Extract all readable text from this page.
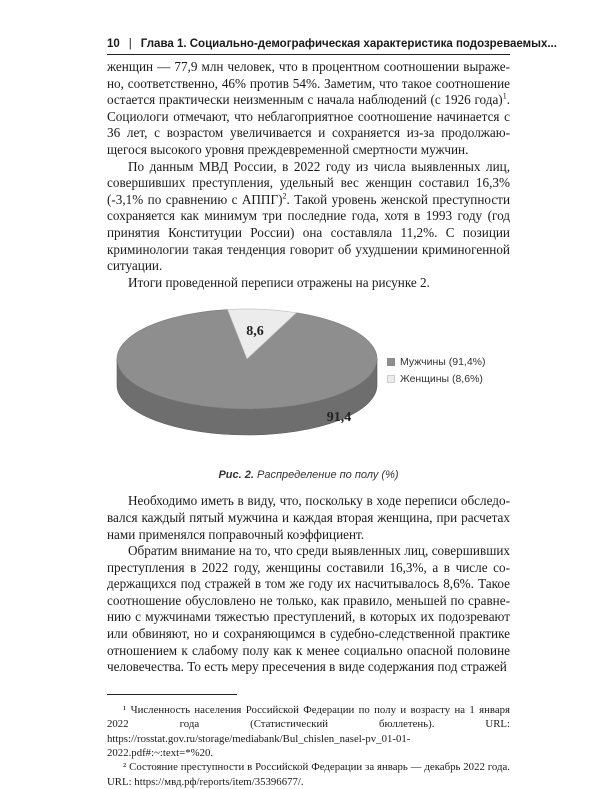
10 | Глава 1. Социально-демографическая характеристика подозреваемых...

женщин — 77,9 млн человек, что в процентном соотношении выражено, соответственно, 46% против 54%. Заметим, что такое соотношение остается практически неизменным с начала наблюдений (с 1926 года)$^1$. Социологи отмечают, что неблагоприятное соотношение начинается с 36 лет, с возрастом увеличивается и сохраняется из-за продолжающегося высокого уровня преждевременной смертности мужчин.

По данным МВД России, в 2022 году из числа выявленных лиц, совершивших преступления, удельный вес женщин составил 16,3% (-3,1% по сравнению с АППГ)$^2$. Такой уровень женской преступности сохраняется как минимум три последние года, хотя в 1993 году (год принятия Конституции России) она составляла 11,2%. С позиции криминологии такая тенденция говорит об ухудшении криминогенной ситуации.

Итоги проведенной переписи отражены на рисунке 2.

91,4
8,6
Мужчины (91,4%)
Женщины (8,6%)
Рис. 2. Распределение по полу (%)

Необходимо иметь в виду, что, поскольку в ходе переписи обследовался каждый пятый мужчина и каждая вторая женщина, при расчетах нами применялся поправочный коэффициент.

Обратим внимание на то, что среди выявленных лиц, совершивших преступления в 2022 году, женщины составили 16,3%, а в числе содержащихся под стражей в том же году их насчитывалось 8,6%. Такое соотношение обусловлено не только, как правило, меньшей по сравнению с мужчинами тяжестью преступлений, в которых их подозревают или обвиняют, но и сохраняющимся в судебно-следственной практике отношением к слабому полу как к менее социально опасной половине человечества. То есть меру пресечения в виде содержания под стражей

¹ Численность населения Российской Федерации по полу и возрасту на 1 января 2022 года (Статистический бюллетень). URL: https://rosstat.gov.ru/storage/mediabank/Bul_chislen_nasel-pv_01-01-2022.pdf#:~:text=*%20.

² Состояние преступности в Российской Федерации за январь — декабрь 2022 года. URL: https://мвд.рф/reports/item/35396677/.
